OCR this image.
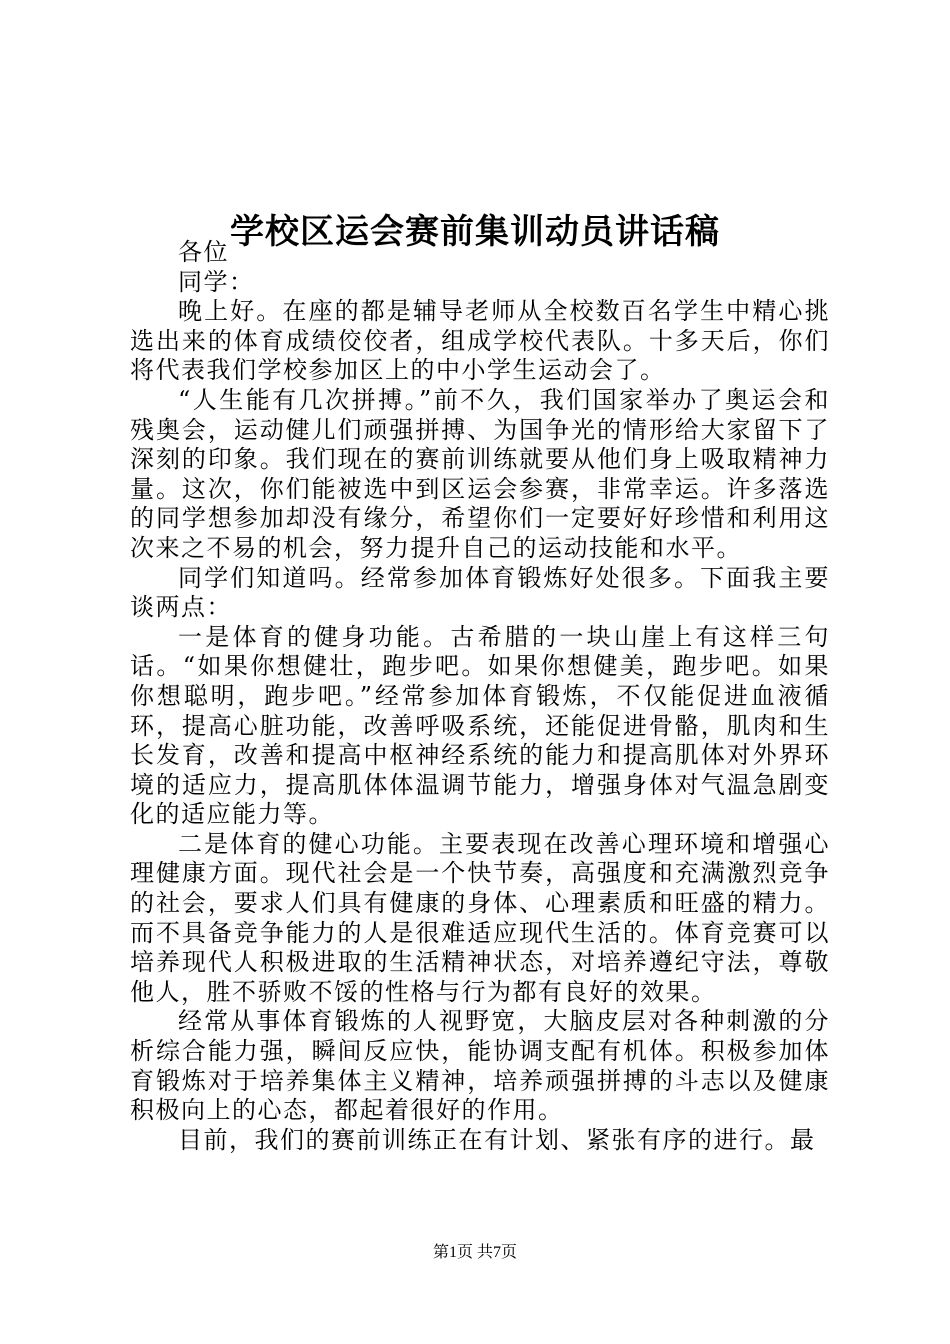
学校区运会赛前集训动员讲话稿

各位

同学：

晚上好。在座的都是辅导老师从全校数百名学生中精心挑选出来的体育成绩佼佼者，组成学校代表队。十多天后，你们将代表我们学校参加区上的中小学生运动会了。

“人生能有几次拼搏。”前不久，我们国家举办了奥运会和残奥会，运动健儿们顽强拼搏、为国争光的情形给大家留下了深刻的印象。我们现在的赛前训练就要从他们身上吸取精神力量。这次，你们能被选中到区运会参赛，非常幸运。许多落选的同学想参加却没有缘分，希望你们一定要好好珍惜和利用这次来之不易的机会，努力提升自己的运动技能和水平。

同学们知道吗。经常参加体育锻炼好处很多。下面我主要谈两点：

一是体育的健身功能。古希腊的一块山崖上有这样三句话。“如果你想健壮，跑步吧。如果你想健美，跑步吧。如果你想聪明，跑步吧。”经常参加体育锻炼，不仅能促进血液循环，提高心脏功能，改善呼吸系统，还能促进骨骼，肌肉和生长发育，改善和提高中枢神经系统的能力和提高肌体对外界环境的适应力，提高肌体体温调节能力，增强身体对气温急剧变化的适应能力等。

二是体育的健心功能。主要表现在改善心理环境和增强心理健康方面。现代社会是一个快节奏，高强度和充满激烈竞争的社会，要求人们具有健康的身体、心理素质和旺盛的精力。而不具备竞争能力的人是很难适应现代生活的。体育竞赛可以培养现代人积极进取的生活精神状态，对培养遵纪守法，尊敬他人，胜不骄败不馁的性格与行为都有良好的效果。

经常从事体育锻炼的人视野宽，大脑皮层对各种刺激的分析综合能力强，瞬间反应快，能协调支配有机体。积极参加体育锻炼对于培养集体主义精神，培养顽强拼搏的斗志以及健康积极向上的心态，都起着很好的作用。

目前，我们的赛前训练正在有计划、紧张有序的进行。最

第1页 共7页
